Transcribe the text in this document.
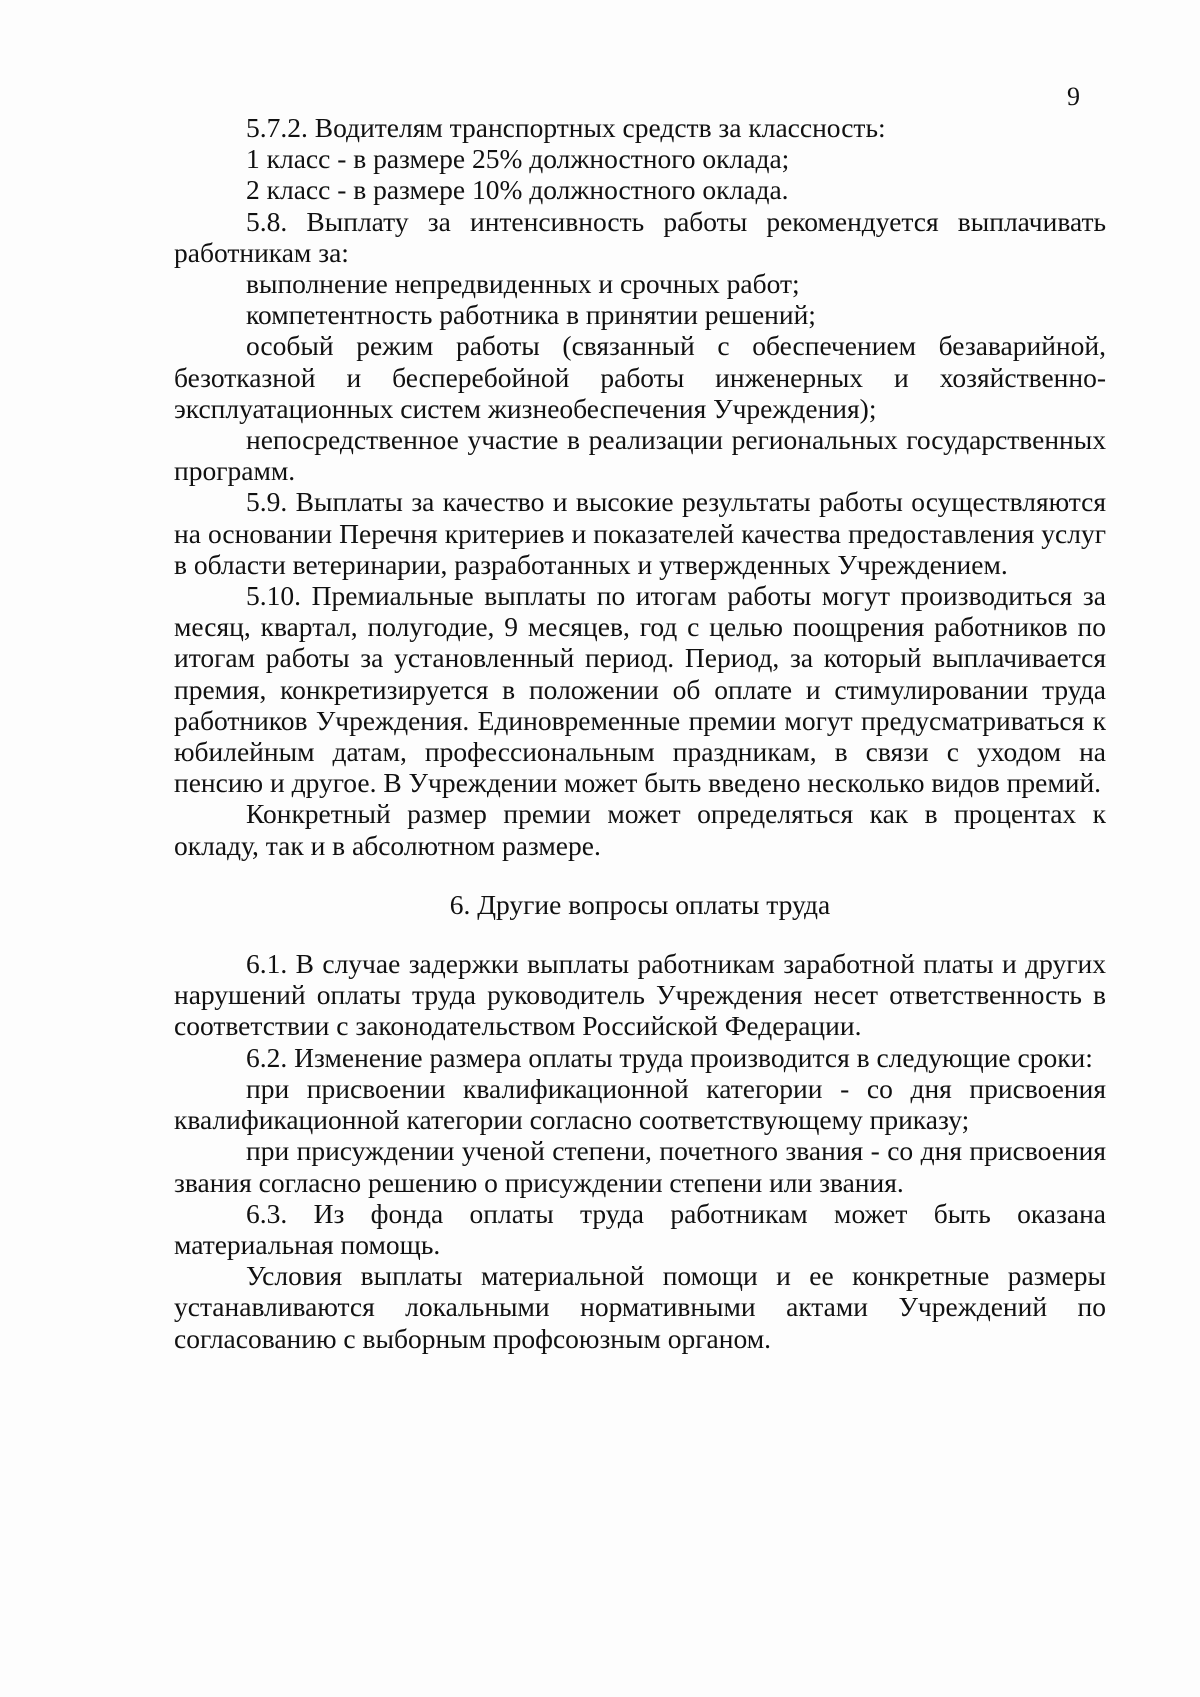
9

5.7.2. Водителям транспортных средств за классность:

1 класс - в размере 25% должностного оклада;

2 класс - в размере 10% должностного оклада.

5.8. Выплату за интенсивность работы рекомендуется выплачивать работникам за:

выполнение непредвиденных и срочных работ;

компетентность работника в принятии решений;

особый режим работы (связанный с обеспечением безаварийной, безотказной и бесперебойной работы инженерных и хозяйственно-эксплуатационных систем жизнеобеспечения Учреждения);

непосредственное участие в реализации региональных государственных программ.

5.9. Выплаты за качество и высокие результаты работы осуществляются на основании Перечня критериев и показателей качества предоставления услуг в области ветеринарии, разработанных и утвержденных Учреждением.

5.10. Премиальные выплаты по итогам работы могут производиться за месяц, квартал, полугодие, 9 месяцев, год с целью поощрения работников по итогам работы за установленный период. Период, за который выплачивается премия, конкретизируется в положении об оплате и стимулировании труда работников Учреждения. Единовременные премии могут предусматриваться к юбилейным датам, профессиональным праздникам, в связи с уходом на пенсию и другое. В Учреждении может быть введено несколько видов премий.

Конкретный размер премии может определяться как в процентах к окладу, так и в абсолютном размере.

6. Другие вопросы оплаты труда

6.1. В случае задержки выплаты работникам заработной платы и других нарушений оплаты труда руководитель Учреждения несет ответственность в соответствии с законодательством Российской Федерации.

6.2. Изменение размера оплаты труда производится в следующие сроки:

при присвоении квалификационной категории - со дня присвоения квалификационной категории согласно соответствующему приказу;

при присуждении ученой степени, почетного звания - со дня присвоения звания согласно решению о присуждении степени или звания.

6.3. Из фонда оплаты труда работникам может быть оказана материальная помощь.

Условия выплаты материальной помощи и ее конкретные размеры устанавливаются локальными нормативными актами Учреждений по согласованию с выборным профсоюзным органом.
